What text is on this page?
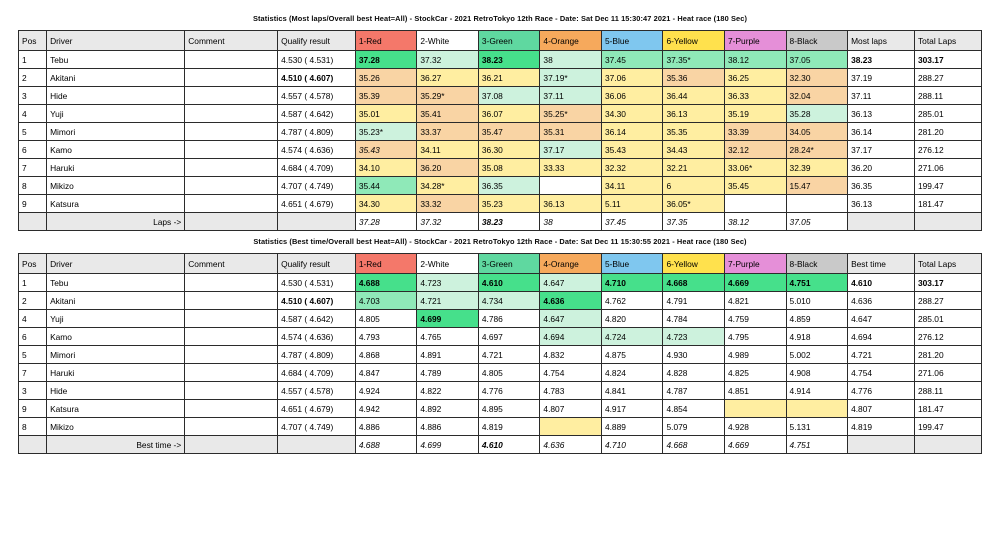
Statistics (Most laps/Overall best Heat=All) - StockCar - 2021 RetroTokyo 12th Race - Date: Sat Dec 11 15:30:47 2021 - Heat race (180 Sec)
Pos	Driver	Comment	Qualify result	1-Red	2-White	3-Green	4-Orange	5-Blue	6-Yellow	7-Purple	8-Black	Most laps	Total Laps
1	Tebu		4.530 ( 4.531)	37.28	37.32	38.23	38	37.45	37.35*	38.12	37.05	38.23	303.17
2	Akitani		4.510 ( 4.607)	35.26	36.27	36.21	37.19*	37.06	35.36	36.25	32.30	37.19	288.27
3	Hide		4.557 ( 4.578)	35.39	35.29*	37.08	37.11	36.06	36.44	36.33	32.04	37.11	288.11
4	Yuji		4.587 ( 4.642)	35.01	35.41	36.07	35.25*	34.30	36.13	35.19	35.28	36.13	285.01
5	Mimori		4.787 ( 4.809)	35.23*	33.37	35.47	35.31	36.14	35.35	33.39	34.05	36.14	281.20
6	Kamo		4.574 ( 4.636)	35.43	34.11	36.30	37.17	35.43	34.43	32.12	28.24*	37.17	276.12
7	Haruki		4.684 ( 4.709)	34.10	36.20	35.08	33.33	32.32	32.21	33.06*	32.39	36.20	271.06
8	Mikizo		4.707 ( 4.749)	35.44	34.28*	36.35		34.11	6	35.45	15.47	36.35	199.47
9	Katsura		4.651 ( 4.679)	34.30	33.32	35.23	36.13	5.11	36.05*			36.13	181.47
	Laps ->			37.28	37.32	38.23	38	37.45	37.35	38.12	37.05		
Statistics (Best time/Overall best Heat=All) - StockCar - 2021 RetroTokyo 12th Race - Date: Sat Dec 11 15:30:55 2021 - Heat race (180 Sec)
Pos	Driver	Comment	Qualify result	1-Red	2-White	3-Green	4-Orange	5-Blue	6-Yellow	7-Purple	8-Black	Best time	Total Laps
1	Tebu		4.530 ( 4.531)	4.688	4.723	4.610	4.647	4.710	4.668	4.669	4.751	4.610	303.17
2	Akitani		4.510 ( 4.607)	4.703	4.721	4.734	4.636	4.762	4.791	4.821	5.010	4.636	288.27
4	Yuji		4.587 ( 4.642)	4.805	4.699	4.786	4.647	4.820	4.784	4.759	4.859	4.647	285.01
6	Kamo		4.574 ( 4.636)	4.793	4.765	4.697	4.694	4.724	4.723	4.795	4.918	4.694	276.12
5	Mimori		4.787 ( 4.809)	4.868	4.891	4.721	4.832	4.875	4.930	4.989	5.002	4.721	281.20
7	Haruki		4.684 ( 4.709)	4.847	4.789	4.805	4.754	4.824	4.828	4.825	4.908	4.754	271.06
3	Hide		4.557 ( 4.578)	4.924	4.822	4.776	4.783	4.841	4.787	4.851	4.914	4.776	288.11
9	Katsura		4.651 ( 4.679)	4.942	4.892	4.895	4.807	4.917	4.854			4.807	181.47
8	Mikizo		4.707 ( 4.749)	4.886	4.886	4.819		4.889	5.079	4.928	5.131	4.819	199.47
	Best time ->			4.688	4.699	4.610	4.636	4.710	4.668	4.669	4.751		
